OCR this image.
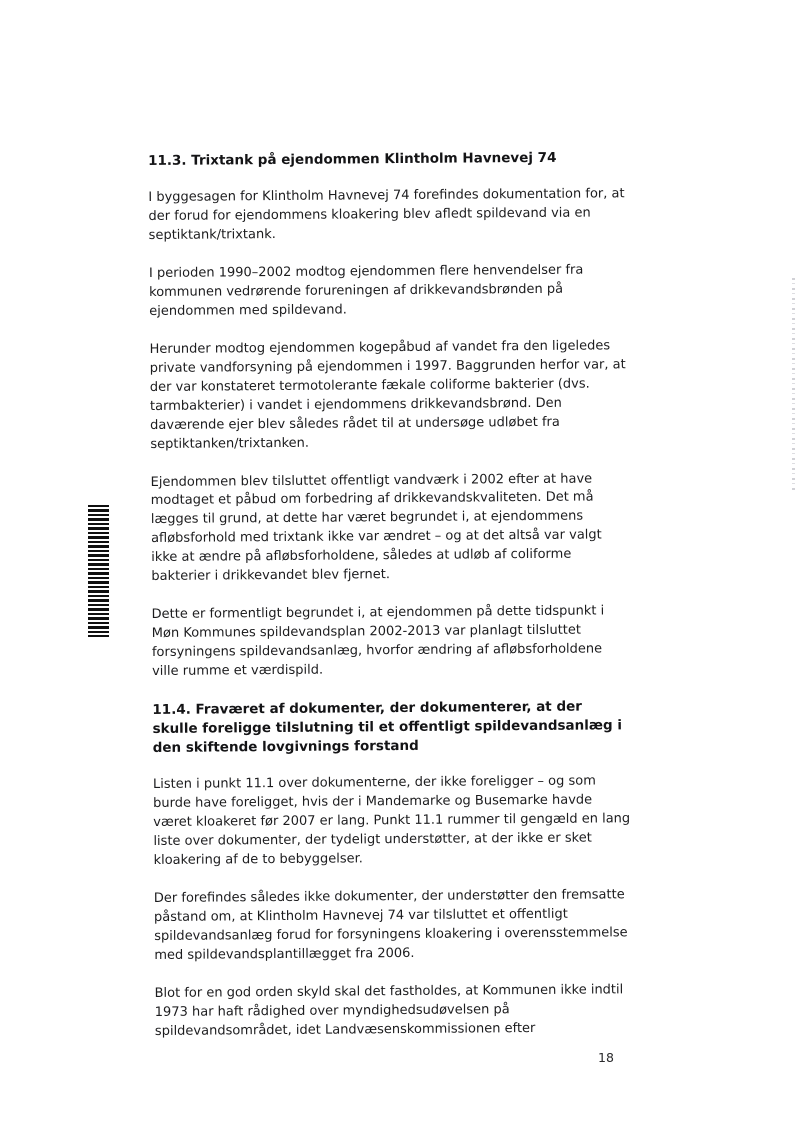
11.3. Trixtank på ejendommen Klintholm Havnevej 74

I byggesagen for Klintholm Havnevej 74 forefindes dokumentation for, at der forud for ejendommens kloakering blev afledt spildevand via en septiktank/trixtank.

I perioden 1990–2002 modtog ejendommen flere henvendelser fra kommunen vedrørende forureningen af drikkevandsbrønden på ejendommen med spildevand.

Herunder modtog ejendommen kogepåbud af vandet fra den ligeledes private vandforsyning på ejendommen i 1997. Baggrunden herfor var, at der var konstateret termotolerante fækale coliforme bakterier (dvs. tarmbakterier) i vandet i ejendommens drikkevandsbrønd. Den daværende ejer blev således rådet til at undersøge udløbet fra septiktanken/trixtanken.

Ejendommen blev tilsluttet offentligt vandværk i 2002 efter at have modtaget et påbud om forbedring af drikkevandskvaliteten. Det må lægges til grund, at dette har været begrundet i, at ejendommens afløbsforhold med trixtank ikke var ændret – og at det altså var valgt ikke at ændre på afløbsforholdene, således at udløb af coliforme bakterier i drikkevandet blev fjernet.

Dette er formentligt begrundet i, at ejendommen på dette tidspunkt i Møn Kommunes spildevandsplan 2002-2013 var planlagt tilsluttet forsyningens spildevandsanlæg, hvorfor ændring af afløbsforholdene ville rumme et værdispild.

11.4. Fraværet af dokumenter, der dokumenterer, at der skulle foreligge tilslutning til et offentligt spildevandsanlæg i den skiftende lovgivnings forstand

Listen i punkt 11.1 over dokumenterne, der ikke foreligger – og som burde have foreligget, hvis der i Mandemarke og Busemarke havde været kloakeret før 2007 er lang. Punkt 11.1 rummer til gengæld en lang liste over dokumenter, der tydeligt understøtter, at der ikke er sket kloakering af de to bebyggelser.

Der forefindes således ikke dokumenter, der understøtter den fremsatte påstand om, at Klintholm Havnevej 74 var tilsluttet et offentligt spildevandsanlæg forud for forsyningens kloakering i overensstemmelse med spildevandsplantillægget fra 2006.

Blot for en god orden skyld skal det fastholdes, at Kommunen ikke indtil 1973 har haft rådighed over myndighedsudøvelsen på spildevandsområdet, idet Landvæsenskommissionen efter

18
